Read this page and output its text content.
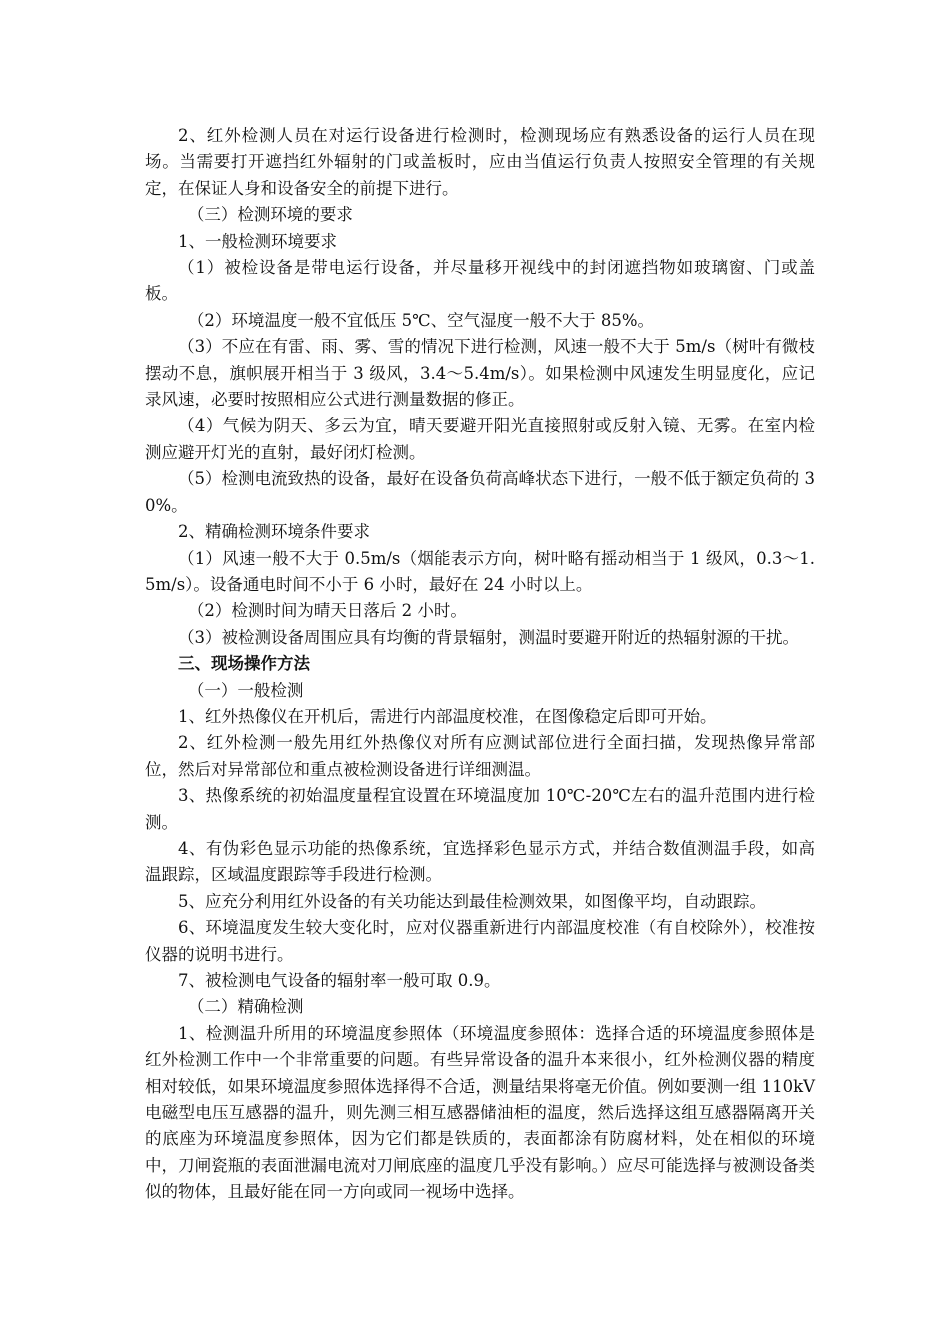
2、红外检测人员在对运行设备进行检测时，检测现场应有熟悉设备的运行人员在现场。当需要打开遮挡红外辐射的门或盖板时，应由当值运行负责人按照安全管理的有关规定，在保证人身和设备安全的前提下进行。

（三）检测环境的要求

1、一般检测环境要求

（1）被检设备是带电运行设备，并尽量移开视线中的封闭遮挡物如玻璃窗、门或盖板。

（2）环境温度一般不宜低压 5℃、空气湿度一般不大于 85%。

（3）不应在有雷、雨、雾、雪的情况下进行检测，风速一般不大于 5m/s（树叶有微枝摆动不息，旗帜展开相当于 3 级风，3.4～5.4m/s）。如果检测中风速发生明显度化，应记录风速，必要时按照相应公式进行测量数据的修正。

（4）气候为阴天、多云为宜，晴天要避开阳光直接照射或反射入镜、无雾。在室内检测应避开灯光的直射，最好闭灯检测。

（5）检测电流致热的设备，最好在设备负荷高峰状态下进行，一般不低于额定负荷的 30%。

2、精确检测环境条件要求

（1）风速一般不大于 0.5m/s（烟能表示方向，树叶略有摇动相当于 1 级风，0.3～1.5m/s）。设备通电时间不小于 6 小时，最好在 24 小时以上。

（2）检测时间为晴天日落后 2 小时。

（3）被检测设备周围应具有均衡的背景辐射，测温时要避开附近的热辐射源的干扰。

三、现场操作方法

（一）一般检测

1、红外热像仪在开机后，需进行内部温度校准，在图像稳定后即可开始。

2、红外检测一般先用红外热像仪对所有应测试部位进行全面扫描，发现热像异常部位，然后对异常部位和重点被检测设备进行详细测温。

3、热像系统的初始温度量程宜设置在环境温度加 10℃-20℃左右的温升范围内进行检测。

4、有伪彩色显示功能的热像系统，宜选择彩色显示方式，并结合数值测温手段，如高温跟踪，区域温度跟踪等手段进行检测。

5、应充分利用红外设备的有关功能达到最佳检测效果，如图像平均，自动跟踪。

6、环境温度发生较大变化时，应对仪器重新进行内部温度校准（有自校除外），校准按仪器的说明书进行。

7、被检测电气设备的辐射率一般可取 0.9。

（二）精确检测

1、检测温升所用的环境温度参照体（环境温度参照体：选择合适的环境温度参照体是红外检测工作中一个非常重要的问题。有些异常设备的温升本来很小，红外检测仪器的精度相对较低，如果环境温度参照体选择得不合适，测量结果将毫无价值。例如要测一组 110kV 电磁型电压互感器的温升，则先测三相互感器储油柜的温度，然后选择这组互感器隔离开关的底座为环境温度参照体，因为它们都是铁质的，表面都涂有防腐材料，处在相似的环境中，刀闸瓷瓶的表面泄漏电流对刀闸底座的温度几乎没有影响。）应尽可能选择与被测设备类似的物体，且最好能在同一方向或同一视场中选择。
